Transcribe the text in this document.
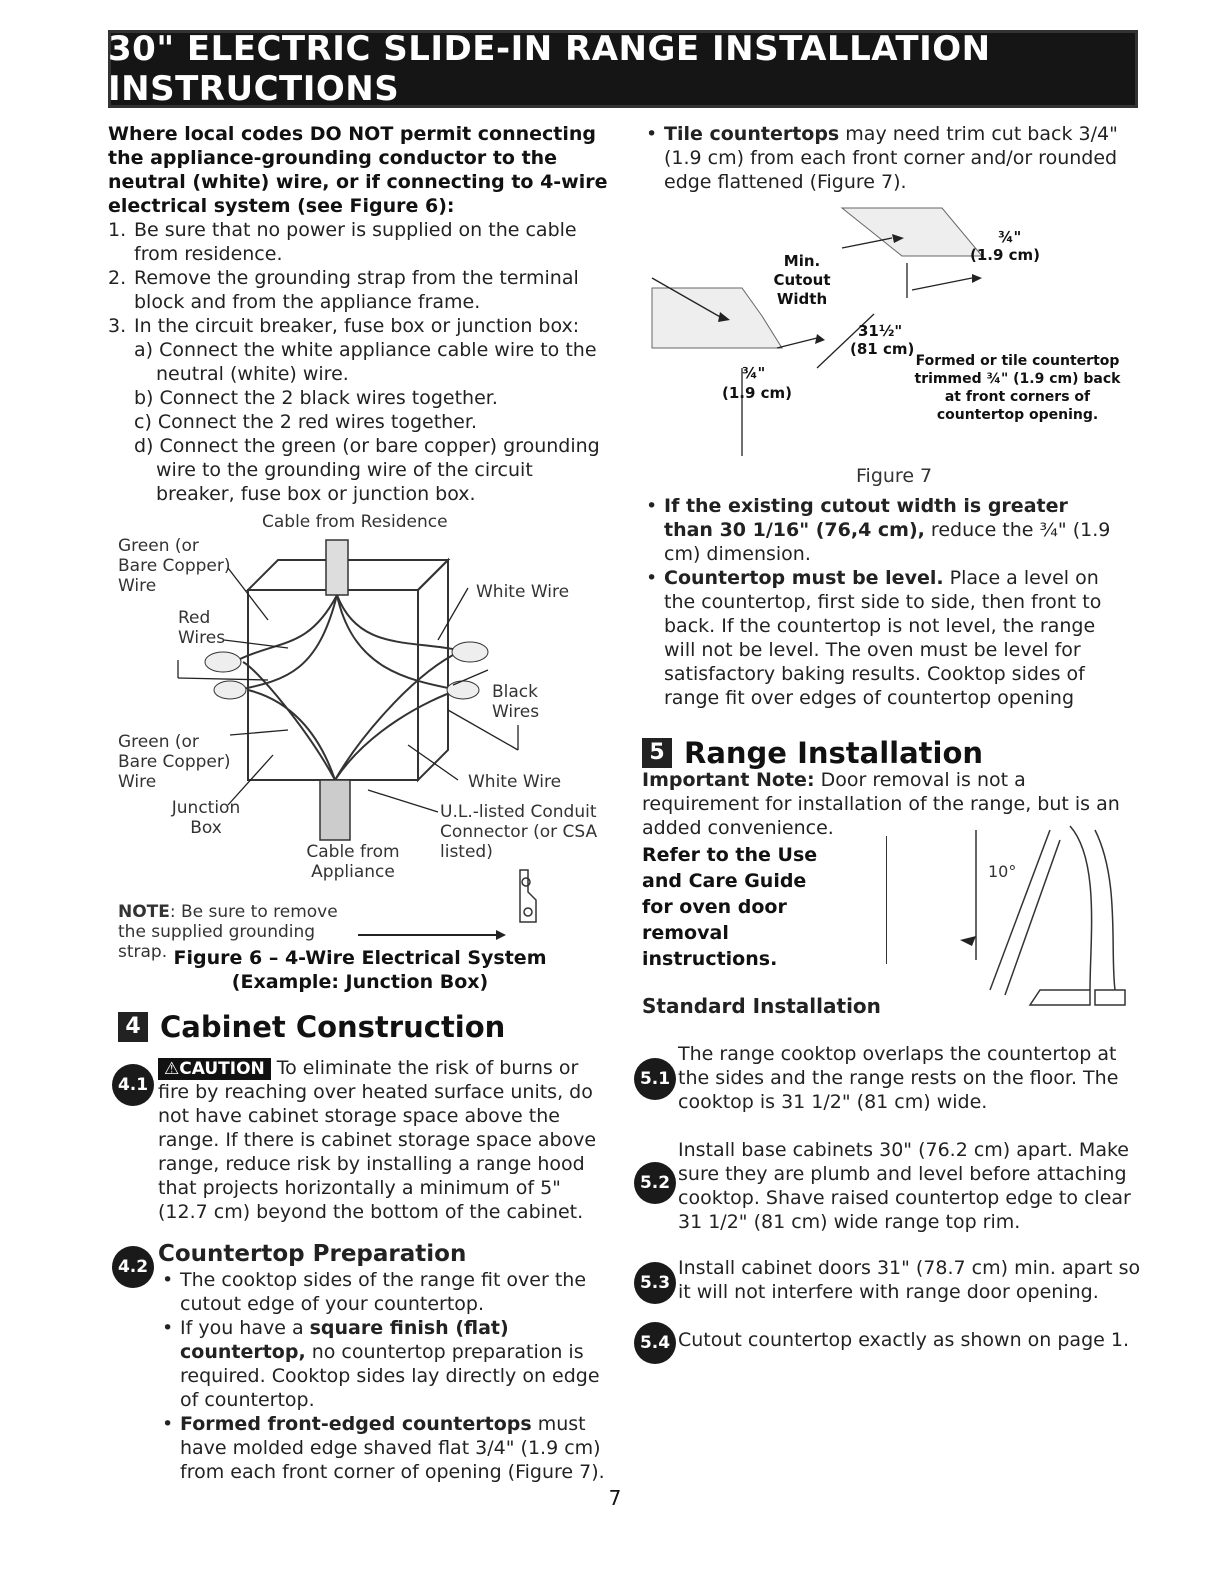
30" ELECTRIC SLIDE-IN RANGE INSTALLATION INSTRUCTIONS
Where local codes DO NOT permit connecting the appliance-grounding conductor to the neutral (white) wire, or if connecting to 4-wire electrical system (see Figure 6):
1. Be sure that no power is supplied on the cable from residence.
2. Remove the grounding strap from the terminal block and from the appliance frame.
3. In the circuit breaker, fuse box or junction box:
a) Connect the white appliance cable wire to the neutral (white) wire.
b) Connect the 2 black wires together.
c) Connect the 2 red wires together.
d) Connect the green (or bare copper) grounding wire to the grounding wire of the circuit breaker, fuse box or junction box.
Cable from Residence
Green (or Bare Copper) Wire
Red
Wires
White Wire
Black Wires
Green (or Bare Copper) Wire	White Wire
Junction Box
U.L.-listed Conduit Connector (or CSA listed)
Cable from Appliance
NOTE: Be sure to remove the supplied grounding strap. Figure 6 – 4-Wire Electrical System
(Example: Junction Box)
4 Cabinet Construction
4.1
⚠CAUTION To eliminate the risk of burns or fire by reaching over heated surface units, do not have cabinet storage space above the range. If there is cabinet storage space above range, reduce risk by installing a range hood that projects horizontally a minimum of 5" (12.7 cm) beyond the bottom of the cabinet.
4.2 Countertop Preparation
• The cooktop sides of the range fit over the cutout edge of your countertop.
• If you have a square finish (flat) countertop, no countertop preparation is required. Cooktop sides lay directly on edge of countertop.
• Formed front-edged countertops must have molded edge shaved flat 3/4" (1.9 cm) from each front corner of opening (Figure 7).
• Tile countertops may need trim cut back 3/4"(1.9 cm) from each front corner and/or rounded edge flattened (Figure 7).
Min. Cutout Width
¾"
(1.9 cm)
31½"
(81 cm)
¾"
(1.9 cm)
Formed or tile countertop trimmed ¾" (1.9 cm) back at front corners of countertop opening.
Figure 7
• If the existing cutout width is greater than 30 1/16" (76,4 cm), reduce the ¾" (1.9 cm) dimension.
• Countertop must be level. Place a level on the countertop, first side to side, then front to back. If the countertop is not level, the range will not be level. The oven must be level for satisfactory baking results. Cooktop sides of range fit over edges of countertop opening
5 Range Installation
Important Note: Door removal is not a requirement for installation of the range, but is an added convenience.
Refer to the Use and Care Guide for oven door removal instructions.
10°
Standard Installation
5.1
The range cooktop overlaps the countertop at the sides and the range rests on the floor. The cooktop is 31 1/2" (81 cm) wide.
5.2
Install base cabinets 30" (76.2 cm) apart. Make sure they are plumb and level before attaching cooktop. Shave raised countertop edge to clear 31 1/2" (81 cm) wide range top rim.
5.3
Install cabinet doors 31" (78.7 cm) min. apart so it will not interfere with range door opening.
5.4 Cutout countertop exactly as shown on page 1.
7
